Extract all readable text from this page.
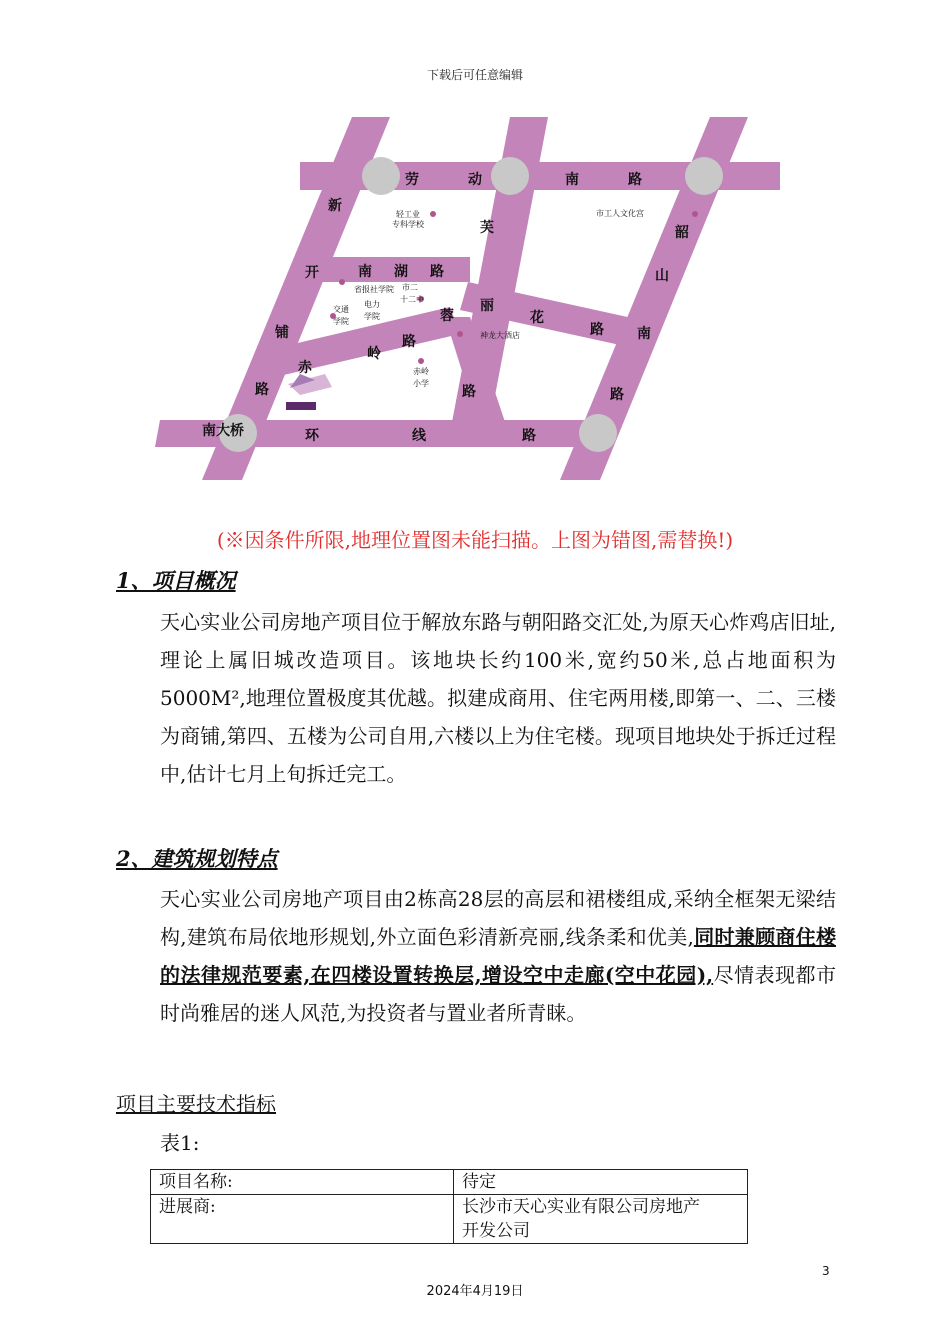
下载后可任意编辑
劳	动	南	路
新
开
铺
路
芙
蓉
路
韶
山
南
路
南 湖 路
赤
岭
路
丽
花
路
环	线	路
南大桥
轻工业
专科学校
市工人文化宫
省报社学院
交通
学院
电力
学院
市二
十二中
神龙大酒店
赤岭
小学
(※因条件所限,地理位置图未能扫描。上图为错图,需替换!)
1、项目概况
天心实业公司房地产项目位于解放东路与朝阳路交汇处,为原天心炸鸡店旧址,理论上属旧城改造项目。该地块长约100米,宽约50米,总占地面积为5000M²,地理位置极度其优越。拟建成商用、住宅两用楼,即第一、二、三楼为商铺,第四、五楼为公司自用,六楼以上为住宅楼。现项目地块处于拆迁过程中,估计七月上旬拆迁完工。
2、建筑规划特点
天心实业公司房地产项目由2栋高28层的高层和裙楼组成,采纳全框架无梁结构,建筑布局依地形规划,外立面色彩清新亮丽,线条柔和优美,同时兼顾商住楼的法律规范要素,在四楼设置转换层,增设空中走廊(空中花园),尽情表现都市时尚雅居的迷人风范,为投资者与置业者所青睐。
项目主要技术指标
表1:
项目名称:	待定
进展商:	长沙市天心实业有限公司房地产
开发公司
3
2024年4月19日
